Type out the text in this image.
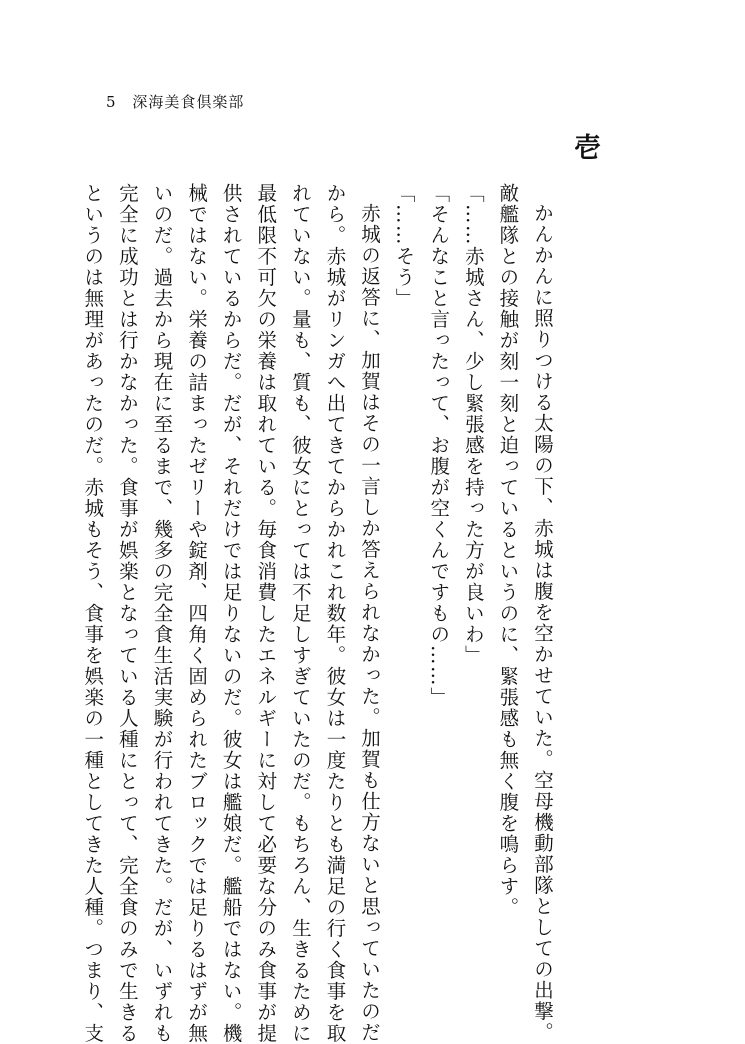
5 深海美食倶楽部
壱

かんかんに照りつける太陽の下、赤城は腹を空かせていた。空母機動部隊としての出撃。

敵艦隊との接触が刻一刻と迫っているというのに、緊張感も無く腹を鳴らす。

「……赤城さん、少し緊張感を持った方が良いわ」

「そんなこと言ったって、お腹が空くんですもの……」

「……そう」

赤城の返答に、加賀はその一言しか答えられなかった。加賀も仕方ないと思っていたのだ

から。赤城がリンガへ出てきてからかれこれ数年。彼女は一度たりとも満足の行く食事を取

れていない。量も、質も、彼女にとっては不足しすぎていたのだ。もちろん、生きるために

最低限不可欠の栄養は取れている。毎食消費したエネルギーに対して必要な分のみ食事が提

供されているからだ。だが、それだけでは足りないのだ。彼女は艦娘だ。艦船ではない。機

械ではない。栄養の詰まったゼリーや錠剤、四角く固められたブロックでは足りるはずが無

いのだ。過去から現在に至るまで、幾多の完全食生活実験が行われてきた。だが、いずれも

完全に成功とは行かなかった。食事が娯楽となっている人種にとって、完全食のみで生きる

というのは無理があったのだ。赤城もそう、食事を娯楽の一種としてきた人種。つまり、支
